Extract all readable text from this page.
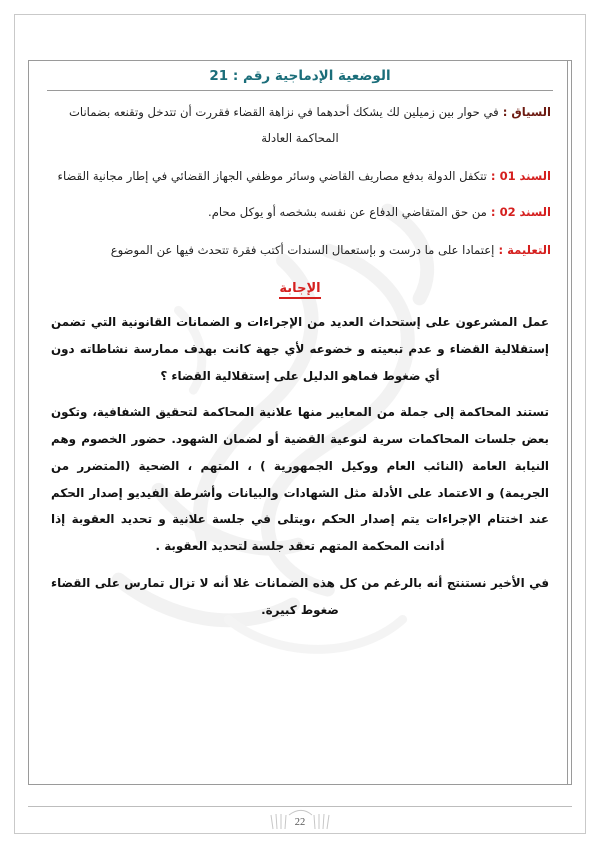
الوضعية الإدماجية رقم : 21

السياق : في حوار بين زميلين لك يشكك أحدهما في نزاهة القضاء فقررت أن تتدخل وتقنعه بضمانات
المحاكمة العادلة

السند 01 : تتكفل الدولة بدفع مصاريف القاضي وسائر موظفي الجهاز القضائي في إطار مجانية القضاء

السند 02 : من حق المتقاضي الدفاع عن نفسه بشخصه أو يوكل محام.

التعليمة : إعتمادا على ما درست و بإستعمال السندات أكتب فقرة تتحدث فيها عن الموضوع

الإجابة

عمل المشرعون على إستحداث العديد من الإجراءات و الضمانات القانونية التي تضمن إستقلالية القضاء و عدم تبعيته و خضوعه لأي جهة كانت بهدف ممارسة نشاطاته دون أي ضغوط فماهو الدليل على إستقلالية القضاء ؟

تستند المحاكمة إلى جملة من المعايير منها علانية المحاكمة لتحقيق الشفافية، وتكون بعض جلسات المحاكمات سرية لنوعية القضية أو لضمان الشهود. حضور الخصوم وهم النيابة العامة (النائب العام ووكيل الجمهورية ) ، المتهم ، الضحية (المتضرر من الجريمة) و الاعتماد على الأدلة مثل الشهادات والبيانات وأشرطة الفيديو إصدار الحكم عند اختتام الإجراءات يتم إصدار الحكم ،ويتلى في جلسة علانية و تحديد العقوبة إذا أدانت المحكمة المتهم تعقد جلسة لتحديد العقوبة .

في الأخير نستنتج أنه بالرغم من كل هذه الضمانات غلا أنه لا تزال تمارس على القضاء ضغوط كبيرة.

22
